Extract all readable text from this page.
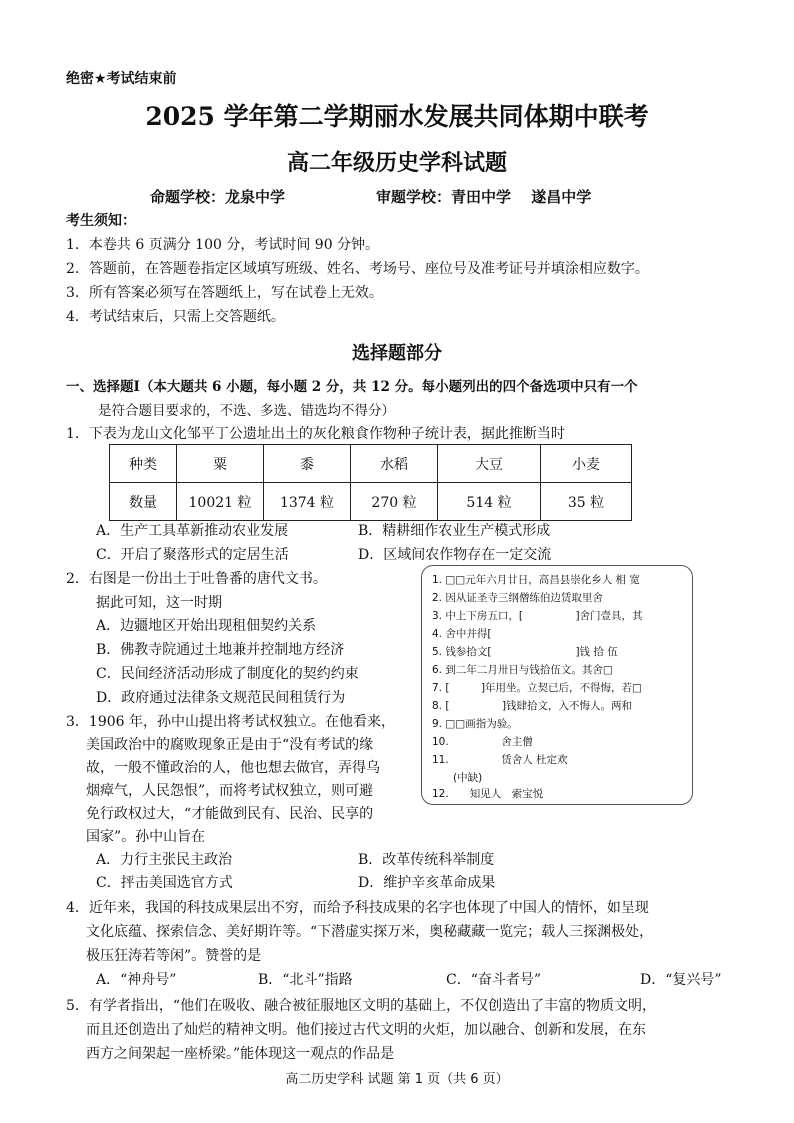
绝密★考试结束前
2025 学年第二学期丽水发展共同体期中联考
高二年级历史学科试题
命题学校：龙泉中学	审题学校：青田中学　 遂昌中学
考生须知：
1．本卷共 6 页满分 100 分，考试时间 90 分钟。
2．答题前，在答题卷指定区域填写班级、姓名、考场号、座位号及准考证号并填涂相应数字。
3．所有答案必须写在答题纸上，写在试卷上无效。
4．考试结束后，只需上交答题纸。
选择题部分
一、选择题Ⅰ（本大题共 6 小题，每小题 2 分，共 12 分。每小题列出的四个备选项中只有一个
是符合题目要求的，不选、多选、错选均不得分）
1．下表为龙山文化邹平丁公遗址出土的灰化粮食作物种子统计表，据此推断当时
种类	粟	黍	水稻	大豆	小麦
数量	10021 粒	1374 粒	270 粒	514 粒	35 粒
A．生产工具革新推动农业发展	B．精耕细作农业生产模式形成
C．开启了聚落形式的定居生活	D．区域间农作物存在一定交流
2．右图是一份出土于吐鲁番的唐代文书。
据此可知，这一时期
A．边疆地区开始出现租佃契约关系
B．佛教寺院通过土地兼并控制地方经济
C．民间经济活动形成了制度化的契约约束
D．政府通过法律条文规范民间租赁行为
1. □□元年六月廿日，高昌县崇化乡人 相 宽
2. 因从证圣寺三纲僧练伯边赁取里舍
3. 中上下房五口，[　　　　　]舍门壹具，其
4. 舍中并得[
5. 钱参拾文[　　　　　　　　]钱 拾 伍
6. 到二年二月卅日与钱拾伍文。其舍□
7. [　　　]年用坐。立契已后，不得悔，若□
8. [　　　　　]钱肆拾文，入不悔人。两和
9. □□画指为验。
10.　　　　　舍主僧
11.　　　　　赁舍人 杜定欢
　　(中缺)
12.　　知见人　索宝悦
3．1906 年，孙中山提出将考试权独立。在他看来，
美国政治中的腐败现象正是由于“没有考试的缘
故，一般不懂政治的人，他也想去做官，弄得乌
烟瘴气，人民怨恨”，而将考试权独立，则可避
免行政权过大，“才能做到民有、民治、民享的
国家”。孙中山旨在
A．力行主张民主政治	B．改革传统科举制度
C．抨击美国选官方式	D．维护辛亥革命成果
4．近年来，我国的科技成果层出不穷，而给予科技成果的名字也体现了中国人的情怀，如呈现
文化底蕴、探索信念、美好期许等。“下潜虚实探万米，奥秘藏藏一览完；载人三探渊极处，
极压狂涛若等闲”。赞誉的是
A．“神舟号”	B．“北斗”指路	C．“奋斗者号”	D．“复兴号”
5．有学者指出，“他们在吸收、融合被征服地区文明的基础上，不仅创造出了丰富的物质文明，
而且还创造出了灿烂的精神文明。他们接过古代文明的火炬，加以融合、创新和发展，在东
西方之间架起一座桥梁。”能体现这一观点的作品是
高二历史学科 试题 第 1 页（共 6 页）
